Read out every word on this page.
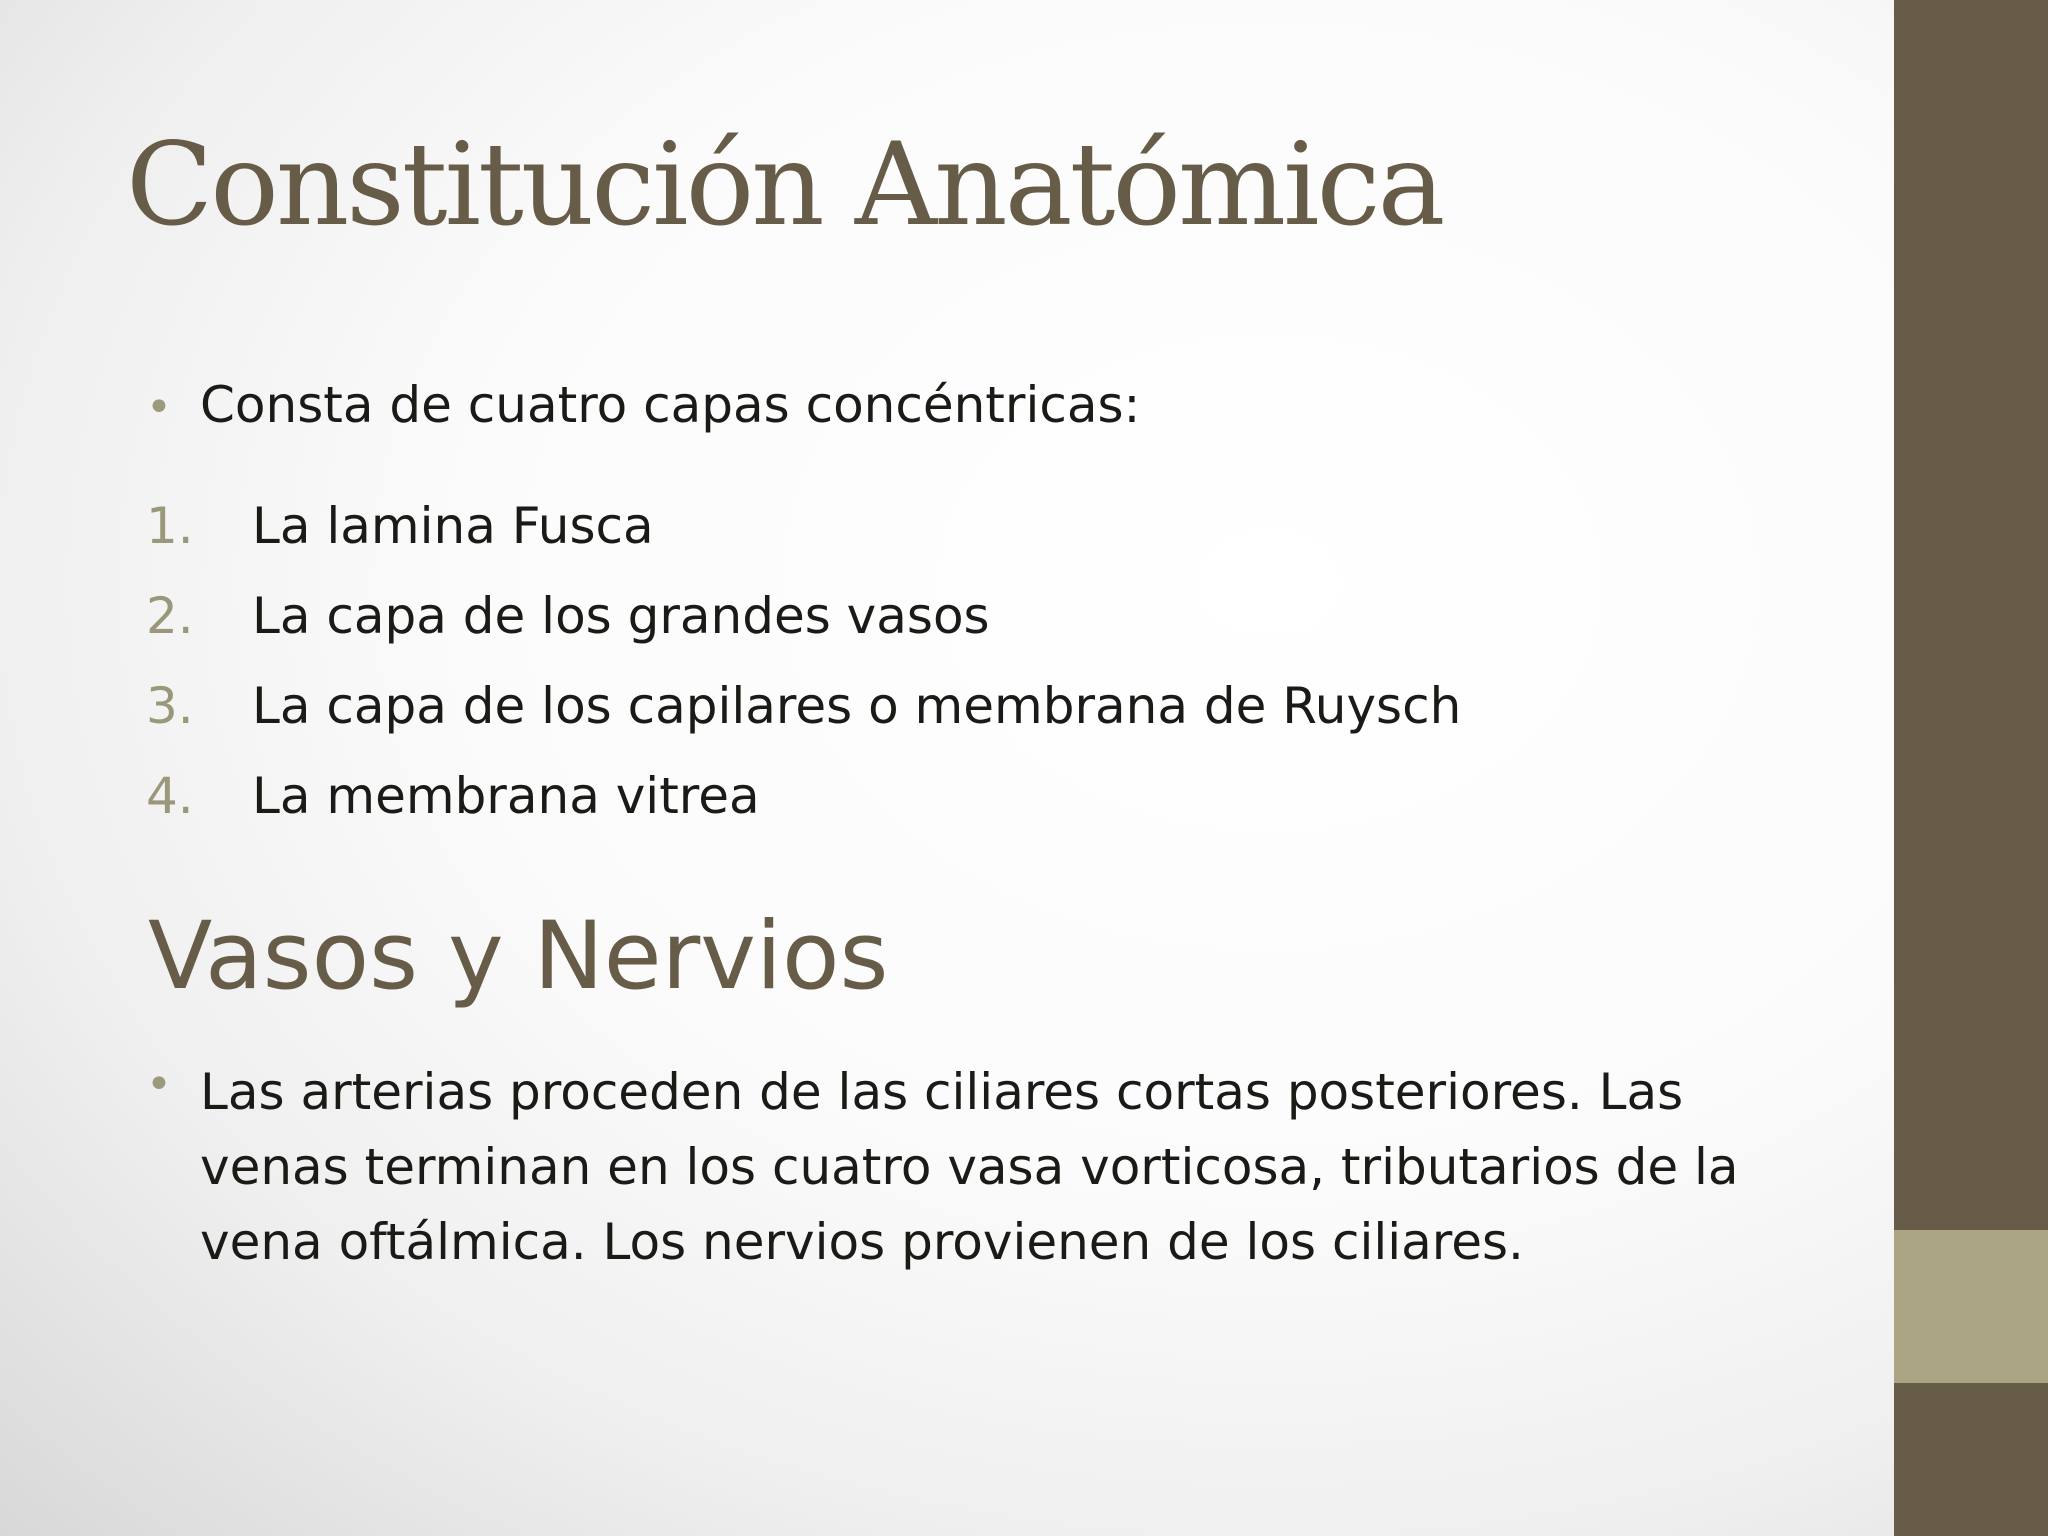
Constitución Anatómica
• Consta de cuatro capas concéntricas:
1.	La lamina Fusca
2.	La capa de los grandes vasos
3.	La capa de los capilares o membrana de Ruysch
4.	La membrana vitrea
Vasos y Nervios
• Las arterias proceden de las ciliares cortas posteriores. Las venas terminan en los cuatro vasa vorticosa, tributarios de la vena oftálmica. Los nervios provienen de los ciliares.
